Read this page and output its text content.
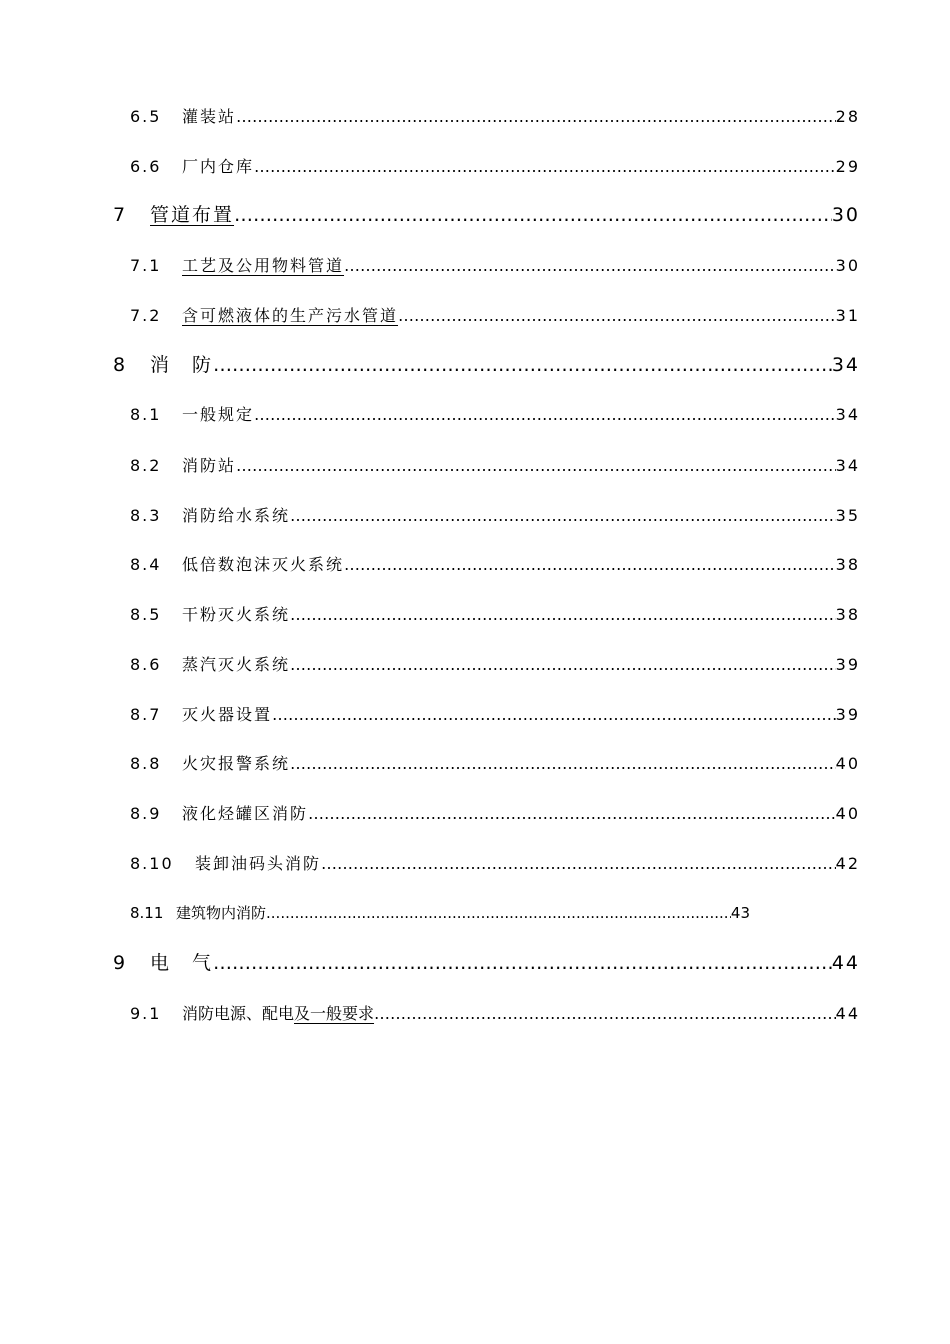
6.5	灌装站 ………………………………………………………………………………………………………………………………………………………………	28
6.6	厂内仓库 ………………………………………………………………………………………………………………………………………………………………	29
7	管道布置 ………………………………………………………………………………………………………………………………………………………………	30
7.1	工艺及公用物料管道 ………………………………………………………………………………………………………………………………………………………………	30
7.2	含可燃液体的生产污水管道 ………………………………………………………………………………………………………………………………………………………………	31
8	消　防 ………………………………………………………………………………………………………………………………………………………………	34
8.1	一般规定 ………………………………………………………………………………………………………………………………………………………………	34
8.2	消防站 ………………………………………………………………………………………………………………………………………………………………	34
8.3	消防给水系统 ………………………………………………………………………………………………………………………………………………………………	35
8.4	低倍数泡沫灭火系统 ………………………………………………………………………………………………………………………………………………………………	38
8.5	干粉灭火系统 ………………………………………………………………………………………………………………………………………………………………	38
8.6	蒸汽灭火系统 ………………………………………………………………………………………………………………………………………………………………	39
8.7	灭火器设置 ………………………………………………………………………………………………………………………………………………………………	39
8.8	火灾报警系统 ………………………………………………………………………………………………………………………………………………………………	40
8.9	液化烃罐区消防 ………………………………………………………………………………………………………………………………………………………………	40
8.10	装卸油码头消防 ………………………………………………………………………………………………………………………………………………………………	42
8.11 建筑物内消防 .....	43
9	电　气 ………………………………………………………………………………………………………………………………………………………………	44
9.1	消防电源、配电及一般要求 ………………………………………………………………………………………………………………………………………………………………	44
